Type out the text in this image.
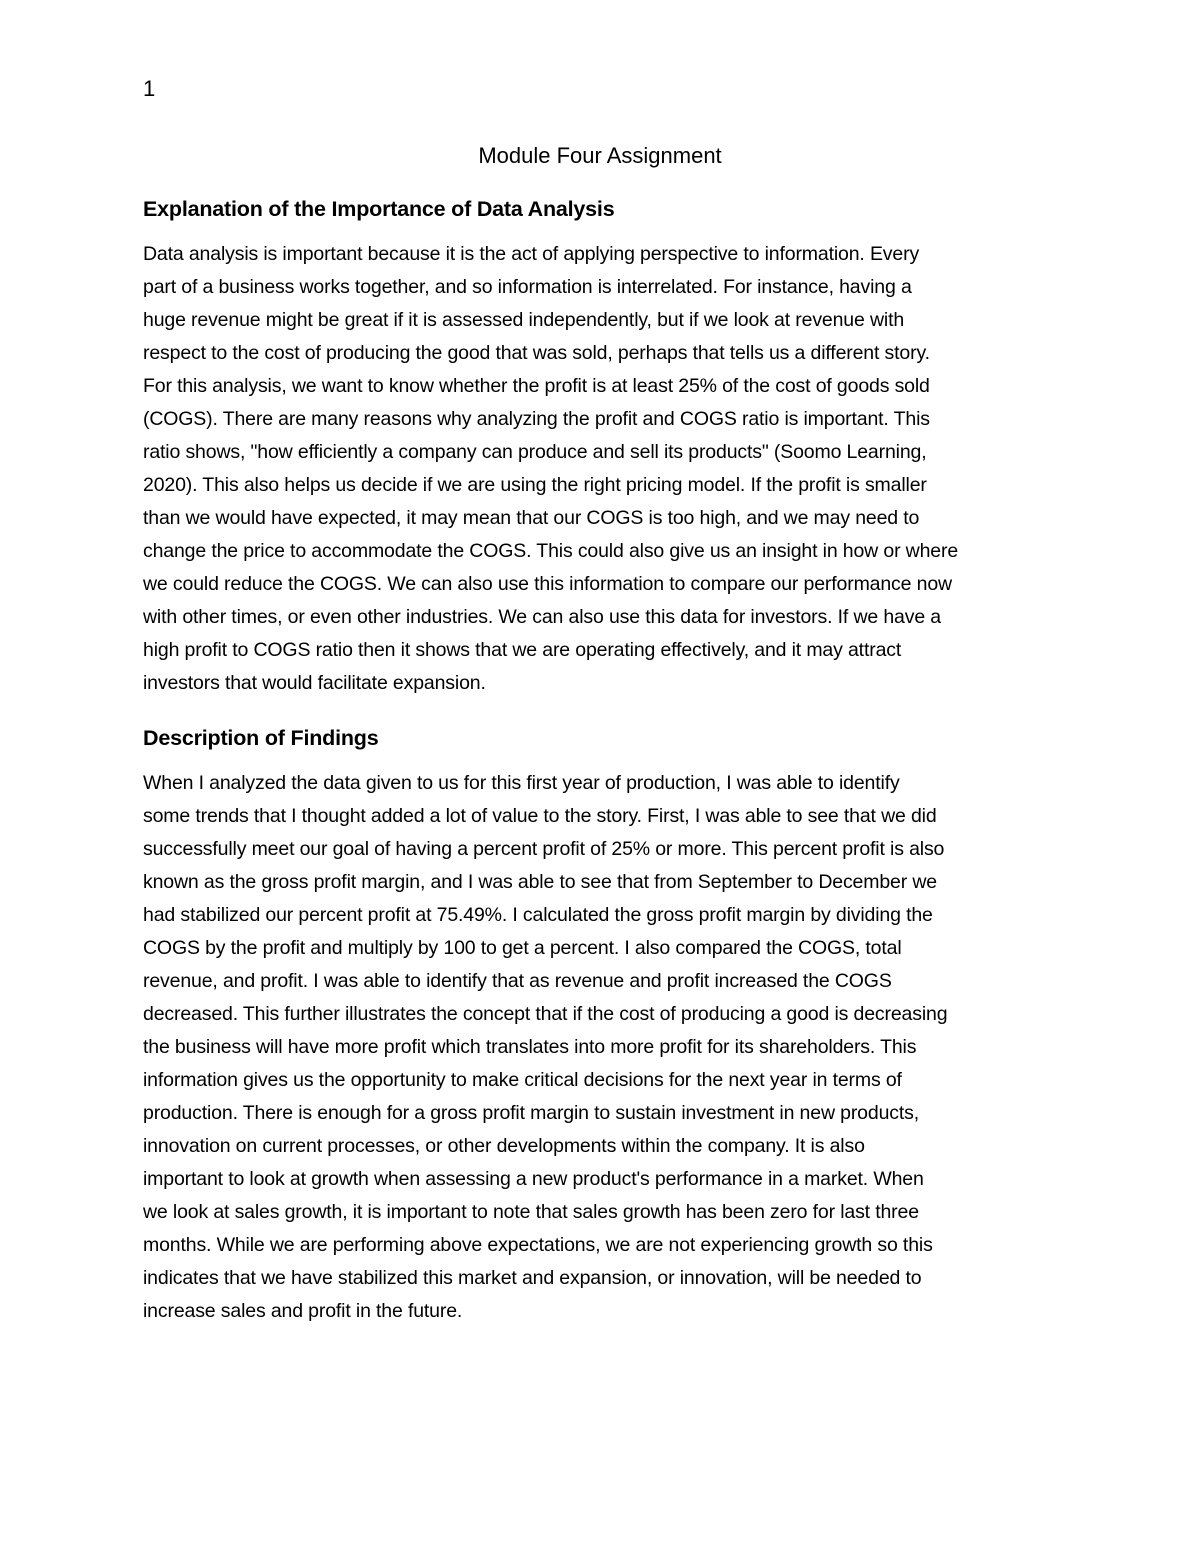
1
Module Four Assignment
Explanation of the Importance of Data Analysis
Data analysis is important because it is the act of applying perspective to information. Every
part of a business works together, and so information is interrelated. For instance, having a
huge revenue might be great if it is assessed independently, but if we look at revenue with
respect to the cost of producing the good that was sold, perhaps that tells us a different story.
For this analysis, we want to know whether the profit is at least 25% of the cost of goods sold
(COGS). There are many reasons why analyzing the profit and COGS ratio is important. This
ratio shows, "how efficiently a company can produce and sell its products" (Soomo Learning,
2020). This also helps us decide if we are using the right pricing model. If the profit is smaller
than we would have expected, it may mean that our COGS is too high, and we may need to
change the price to accommodate the COGS. This could also give us an insight in how or where
we could reduce the COGS. We can also use this information to compare our performance now
with other times, or even other industries. We can also use this data for investors. If we have a
high profit to COGS ratio then it shows that we are operating effectively, and it may attract
investors that would facilitate expansion.
Description of Findings
When I analyzed the data given to us for this first year of production, I was able to identify
some trends that I thought added a lot of value to the story. First, I was able to see that we did
successfully meet our goal of having a percent profit of 25% or more. This percent profit is also
known as the gross profit margin, and I was able to see that from September to December we
had stabilized our percent profit at 75.49%. I calculated the gross profit margin by dividing the
COGS by the profit and multiply by 100 to get a percent. I also compared the COGS, total
revenue, and profit. I was able to identify that as revenue and profit increased the COGS
decreased. This further illustrates the concept that if the cost of producing a good is decreasing
the business will have more profit which translates into more profit for its shareholders. This
information gives us the opportunity to make critical decisions for the next year in terms of
production. There is enough for a gross profit margin to sustain investment in new products,
innovation on current processes, or other developments within the company. It is also
important to look at growth when assessing a new product's performance in a market. When
we look at sales growth, it is important to note that sales growth has been zero for last three
months. While we are performing above expectations, we are not experiencing growth so this
indicates that we have stabilized this market and expansion, or innovation, will be needed to
increase sales and profit in the future.
